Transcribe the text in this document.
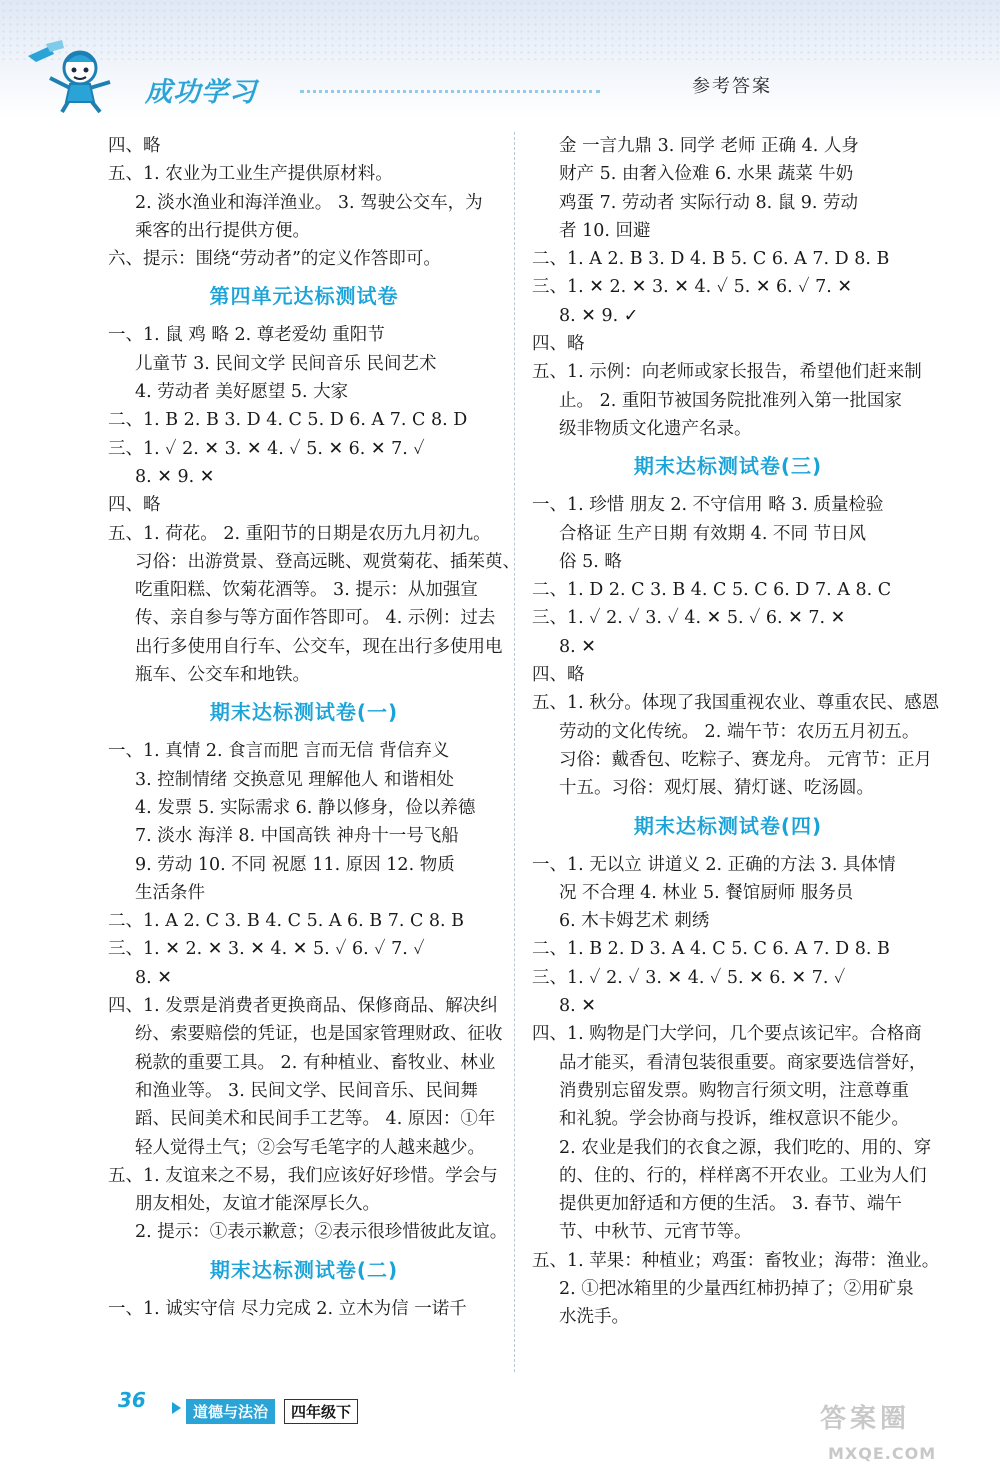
成功学习	参考答案
四、略
五、1. 农业为工业生产提供原材料。
2. 淡水渔业和海洋渔业。 3. 驾驶公交车，为
乘客的出行提供方便。
六、提示：围绕“劳动者”的定义作答即可。
第四单元达标测试卷
一、1. 鼠 鸡 略 2. 尊老爱幼 重阳节
儿童节 3. 民间文学 民间音乐 民间艺术
4. 劳动者 美好愿望 5. 大家
二、1. B 2. B 3. D 4. C 5. D 6. A 7. C 8. D
三、1. ✓ 2. ✕ 3. ✕ 4. ✓ 5. ✕ 6. ✕ 7. ✓
8. ✕ 9. ✕
四、略
五、1. 荷花。 2. 重阳节的日期是农历九月初九。
习俗：出游赏景、登高远眺、观赏菊花、插茱萸、
吃重阳糕、饮菊花酒等。 3. 提示：从加强宣
传、亲自参与等方面作答即可。 4. 示例：过去
出行多使用自行车、公交车，现在出行多使用电
瓶车、公交车和地铁。
期末达标测试卷(一)
一、1. 真情 2. 食言而肥 言而无信 背信弃义
3. 控制情绪 交换意见 理解他人 和谐相处
4. 发票 5. 实际需求 6. 静以修身，俭以养德
7. 淡水 海洋 8. 中国高铁 神舟十一号飞船
9. 劳动 10. 不同 祝愿 11. 原因 12. 物质
生活条件
二、1. A 2. C 3. B 4. C 5. A 6. B 7. C 8. B
三、1. ✕ 2. ✕ 3. ✕ 4. ✕ 5. ✓ 6. ✓ 7. ✓
8. ✕
四、1. 发票是消费者更换商品、保修商品、解决纠
纷、索要赔偿的凭证，也是国家管理财政、征收
税款的重要工具。 2. 有种植业、畜牧业、林业
和渔业等。 3. 民间文学、民间音乐、民间舞
蹈、民间美术和民间手工艺等。 4. 原因：①年
轻人觉得土气；②会写毛笔字的人越来越少。
五、1. 友谊来之不易，我们应该好好珍惜。学会与
朋友相处，友谊才能深厚长久。
2. 提示：①表示歉意；②表示很珍惜彼此友谊。
期末达标测试卷(二)
一、1. 诚实守信 尽力完成 2. 立木为信 一诺千
金 一言九鼎 3. 同学 老师 正确 4. 人身
财产 5. 由奢入俭难 6. 水果 蔬菜 牛奶
鸡蛋 7. 劳动者 实际行动 8. 鼠 9. 劳动
者 10. 回避
二、1. A 2. B 3. D 4. B 5. C 6. A 7. D 8. B
三、1. ✕ 2. ✕ 3. ✕ 4. ✓ 5. ✕ 6. ✓ 7. ✕
8. ✕ 9. ✓
四、略
五、1. 示例：向老师或家长报告，希望他们赶来制
止。 2. 重阳节被国务院批准列入第一批国家
级非物质文化遗产名录。
期末达标测试卷(三)
一、1. 珍惜 朋友 2. 不守信用 略 3. 质量检验
合格证 生产日期 有效期 4. 不同 节日风
俗 5. 略
二、1. D 2. C 3. B 4. C 5. C 6. D 7. A 8. C
三、1. ✓ 2. ✓ 3. ✓ 4. ✕ 5. ✓ 6. ✕ 7. ✕
8. ✕
四、略
五、1. 秋分。体现了我国重视农业、尊重农民、感恩
劳动的文化传统。 2. 端午节：农历五月初五。
习俗：戴香包、吃粽子、赛龙舟。 元宵节：正月
十五。习俗：观灯展、猜灯谜、吃汤圆。
期末达标测试卷(四)
一、1. 无以立 讲道义 2. 正确的方法 3. 具体情
况 不合理 4. 林业 5. 餐馆厨师 服务员
6. 木卡姆艺术 刺绣
二、1. B 2. D 3. A 4. C 5. C 6. A 7. D 8. B
三、1. ✓ 2. ✓ 3. ✕ 4. ✓ 5. ✕ 6. ✕ 7. ✓
8. ✕
四、1. 购物是门大学问，几个要点该记牢。合格商
品才能买，看清包装很重要。商家要选信誉好，
消费别忘留发票。购物言行须文明，注意尊重
和礼貌。学会协商与投诉，维权意识不能少。
2. 农业是我们的衣食之源，我们吃的、用的、穿
的、住的、行的，样样离不开农业。工业为人们
提供更加舒适和方便的生活。 3. 春节、端午
节、中秋节、元宵节等。
五、1. 苹果：种植业；鸡蛋：畜牧业；海带：渔业。
2. ①把冰箱里的少量西红柿扔掉了；②用矿泉
水洗手。
36	道德与法治	四年级下	答案圈
MXQE.COM
